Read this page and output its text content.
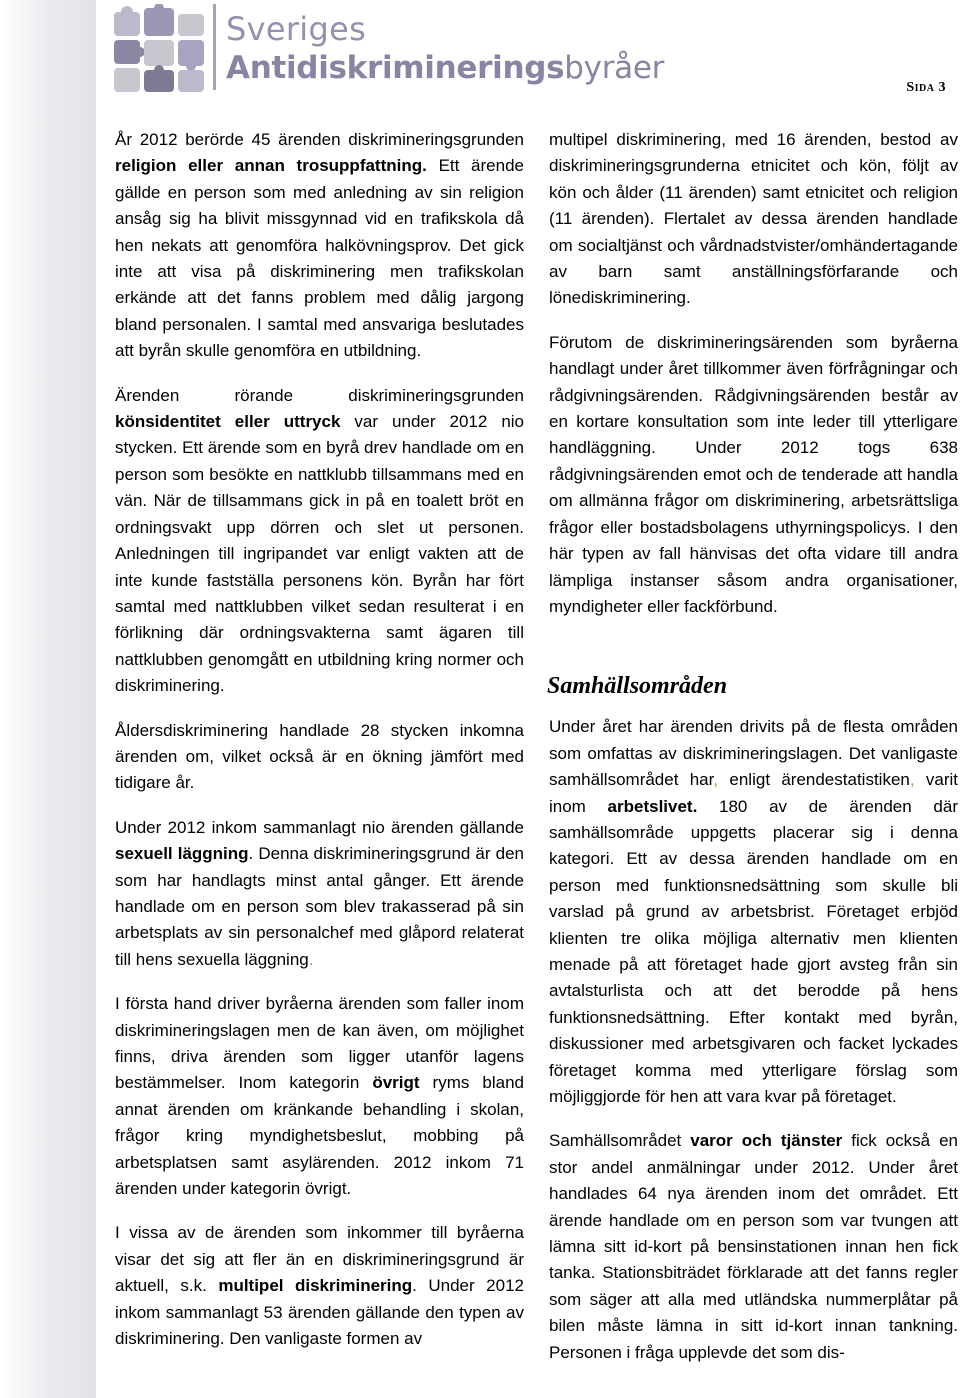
Sveriges
Antidiskrimineringsbyråer
Sida 3

År 2012 berörde 45 ärenden diskrimineringsgrunden religion eller annan trosuppfattning. Ett ärende gällde en person som med anledning av sin religion ansåg sig ha blivit missgynnad vid en trafikskola då hen nekats att genomföra halkövningsprov. Det gick inte att visa på diskriminering men trafikskolan erkände att det fanns problem med dålig jargong bland personalen. I samtal med ansvariga beslutades att byrån skulle genomföra en utbildning.

Ärenden rörande diskrimineringsgrunden könsidentitet eller uttryck var under 2012 nio stycken. Ett ärende som en byrå drev handlade om en person som besökte en nattklubb tillsammans med en vän. När de tillsammans gick in på en toalett bröt en ordningsvakt upp dörren och slet ut personen. Anledningen till ingripandet var enligt vakten att de inte kunde fastställa personens kön. Byrån har fört samtal med nattklubben vilket sedan resulterat i en förlikning där ordningsvakterna samt ägaren till nattklubben genomgått en utbildning kring normer och diskriminering.

Åldersdiskriminering handlade 28 stycken inkomna ärenden om, vilket också är en ökning jämfört med tidigare år.

Under 2012 inkom sammanlagt nio ärenden gällande sexuell läggning. Denna diskrimineringsgrund är den som har handlagts minst antal gånger. Ett ärende handlade om en person som blev trakasserad på sin arbetsplats av sin personalchef med glåpord relaterat till hens sexuella läggning.

I första hand driver byråerna ärenden som faller inom diskrimineringslagen men de kan även, om möjlighet finns, driva ärenden som ligger utanför lagens bestämmelser. Inom kategorin övrigt ryms bland annat ärenden om kränkande behandling i skolan, frågor kring myndighetsbeslut, mobbing på arbetsplatsen samt asylärenden. 2012 inkom 71 ärenden under kategorin övrigt.

I vissa av de ärenden som inkommer till byråerna visar det sig att fler än en diskrimineringsgrund är aktuell, s.k. multipel diskriminering. Under 2012 inkom sammanlagt 53 ärenden gällande den typen av diskriminering. Den vanligaste formen av

multipel diskriminering, med 16 ärenden, bestod av diskrimineringsgrunderna etnicitet och kön, följt av kön och ålder (11 ärenden) samt etnicitet och religion (11 ärenden). Flertalet av dessa ärenden handlade om socialtjänst och vårdnadstvister/omhändertagande av barn samt anställningsförfarande och lönediskriminering.

Förutom de diskrimineringsärenden som byråerna handlagt under året tillkommer även förfrågningar och rådgivningsärenden. Rådgivningsärenden består av en kortare konsultation som inte leder till ytterligare handläggning. Under 2012 togs 638 rådgivningsärenden emot och de tenderade att handla om allmänna frågor om diskriminering, arbetsrättsliga frågor eller bostadsbolagens uthyrningspolicys. I den här typen av fall hänvisas det ofta vidare till andra lämpliga instanser såsom andra organisationer, myndigheter eller fackförbund.

Samhällsområden

Under året har ärenden drivits på de flesta områden som omfattas av diskrimineringslagen. Det vanligaste samhällsområdet har, enligt ärendestatistiken, varit inom arbetslivet. 180 av de ärenden där samhällsområde uppgetts placerar sig i denna kategori. Ett av dessa ärenden handlade om en person med funktionsnedsättning som skulle bli varslad på grund av arbetsbrist. Företaget erbjöd klienten tre olika möjliga alternativ men klienten menade på att företaget hade gjort avsteg från sin avtalsturlista och att det berodde på hens funktionsnedsättning. Efter kontakt med byrån, diskussioner med arbetsgivaren och facket lyckades företaget komma med ytterligare förslag som möjliggjorde för hen att vara kvar på företaget.

Samhällsområdet varor och tjänster fick också en stor andel anmälningar under 2012. Under året handlades 64 nya ärenden inom det området. Ett ärende handlade om en person som var tvungen att lämna sitt id-kort på bensinstationen innan hen fick tanka. Stationsbiträdet förklarade att det fanns regler som säger att alla med utländska nummerplåtar på bilen måste lämna in sitt id-kort innan tankning. Personen i fråga upplevde det som dis-
